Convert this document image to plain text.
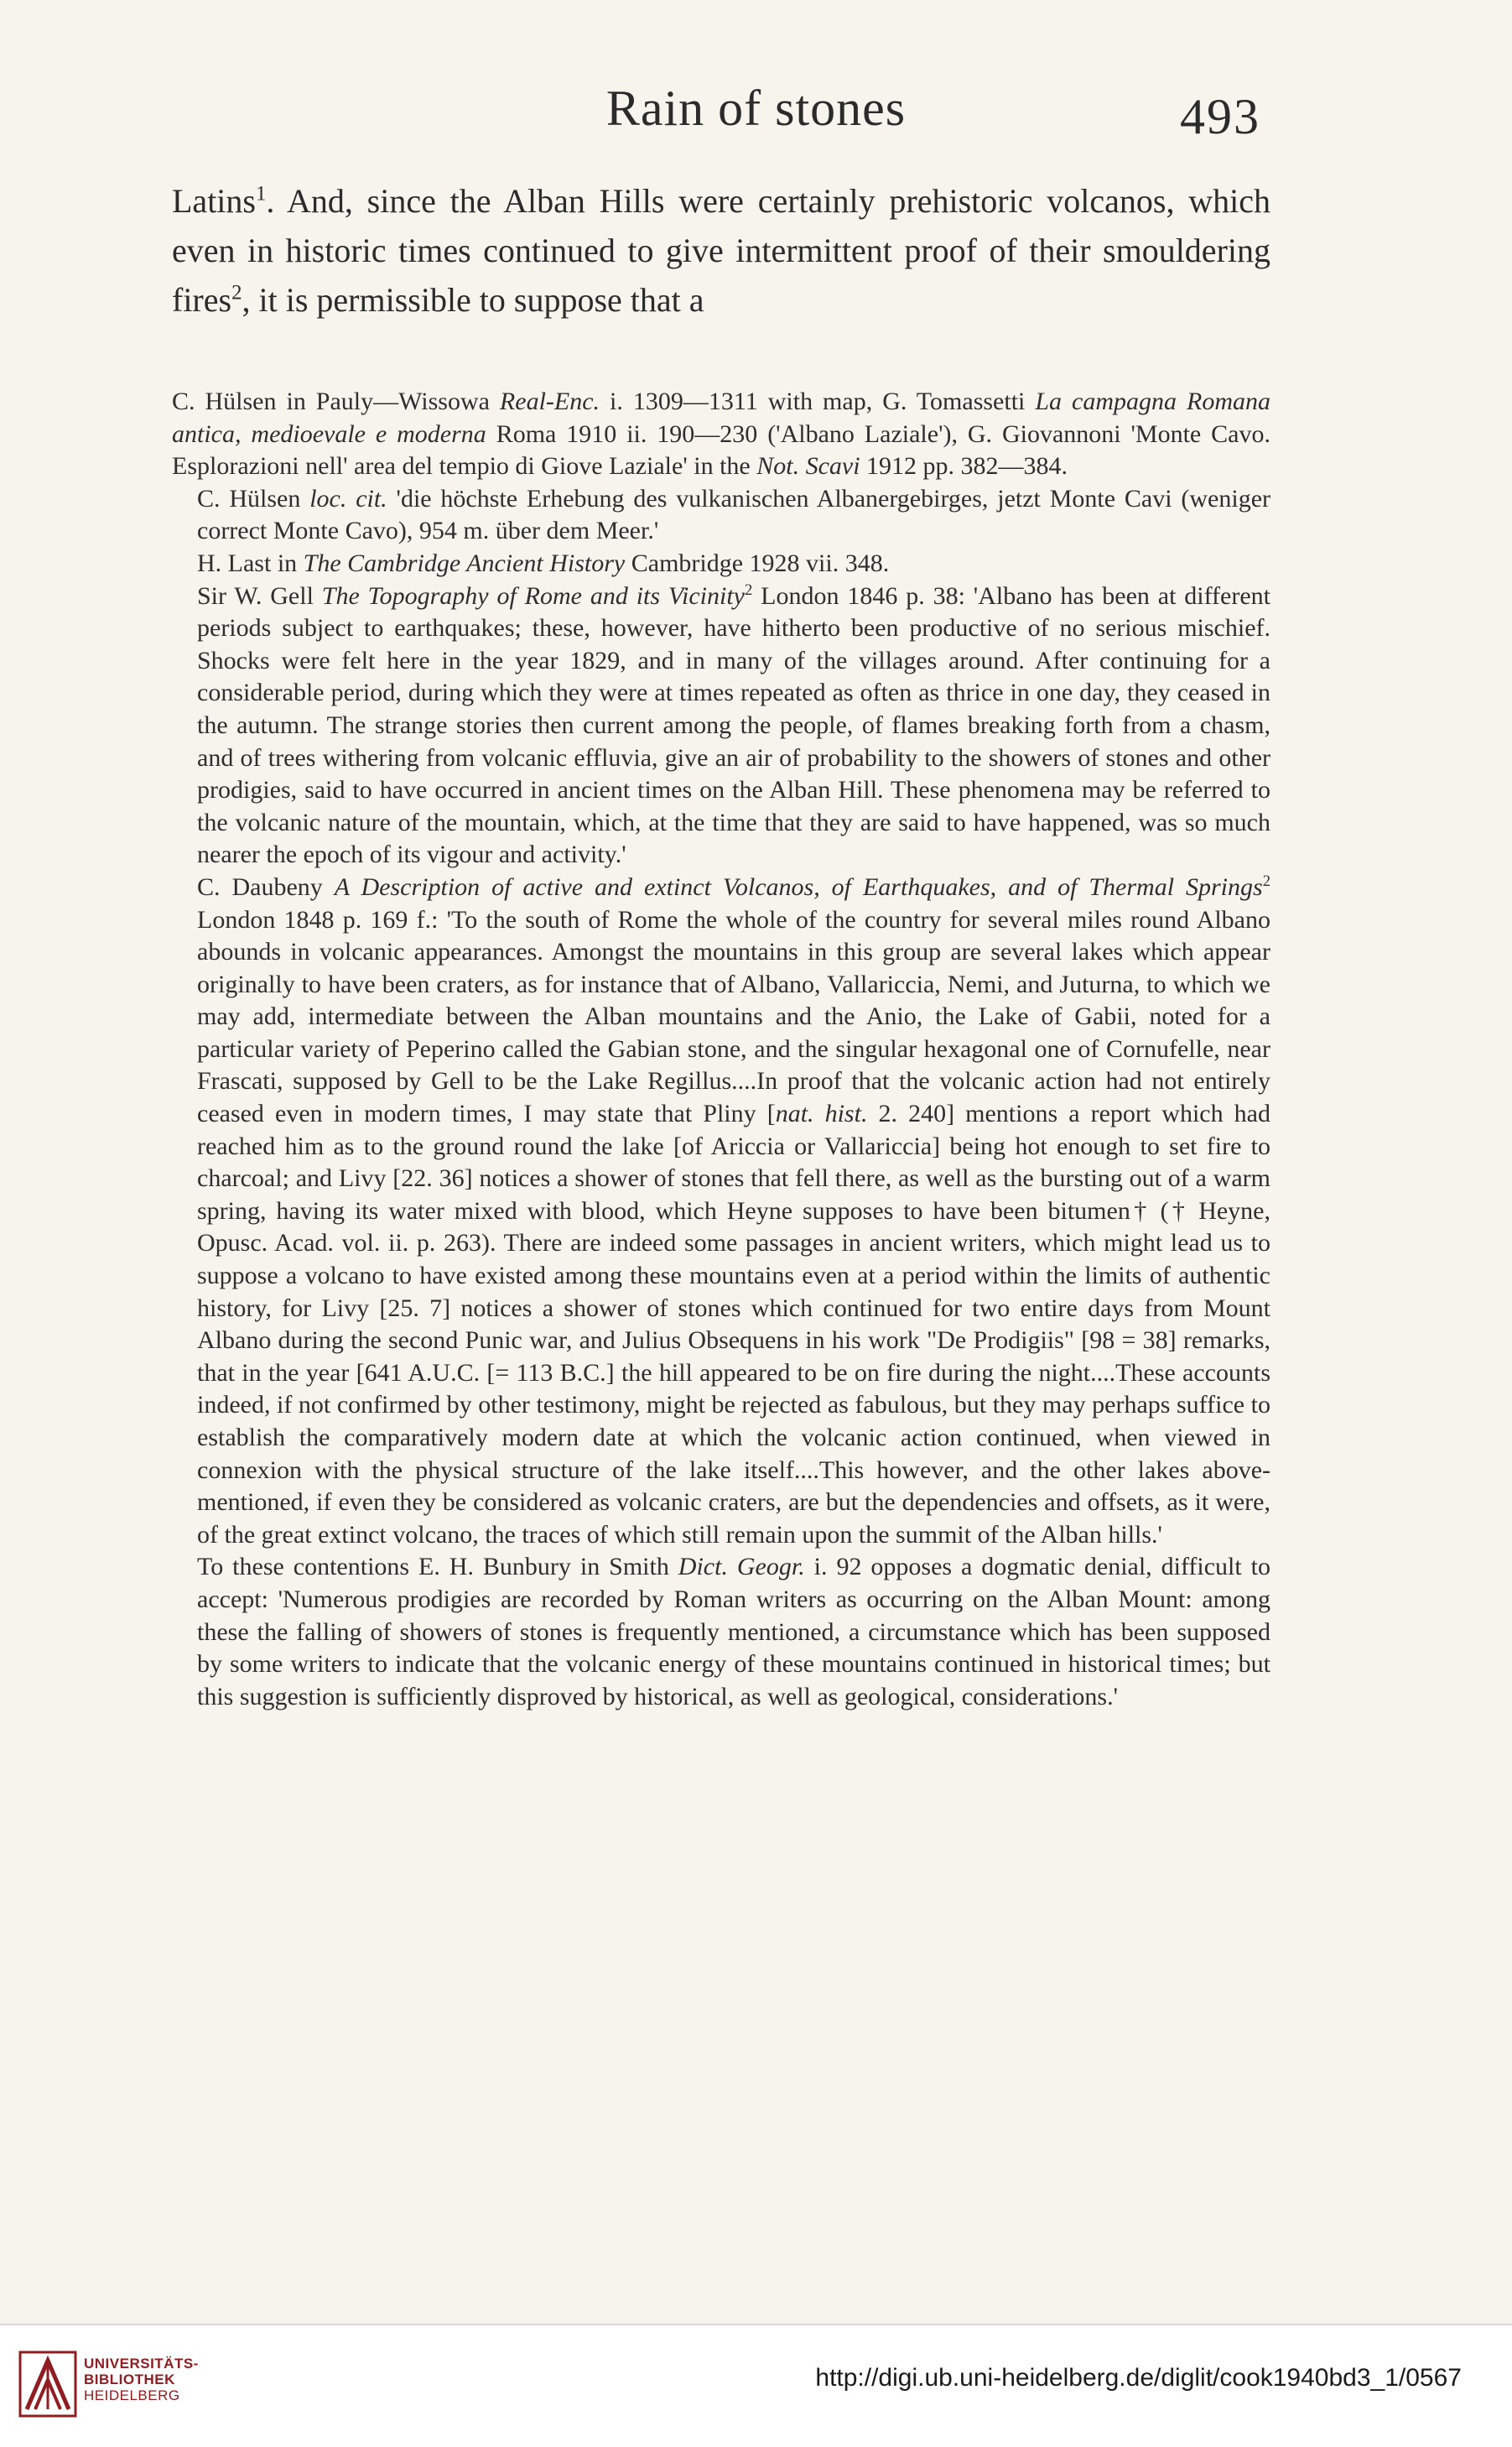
Rain of stones	493

Latins$^1$. And, since the Alban Hills were certainly prehistoric volcanos, which even in historic times continued to give intermittent proof of their smouldering fires$^2$, it is permissible to suppose that a

C. Hülsen in Pauly—Wissowa Real-Enc. i. 1309—1311 with map, G. Tomassetti La campagna Romana antica, medioevale e moderna Roma 1910 ii. 190—230 ('Albano Laziale'), G. Giovannoni 'Monte Cavo. Esplorazioni nell' area del tempio di Giove Laziale' in the Not. Scavi 1912 pp. 382—384.

C. Hülsen loc. cit. 'die höchste Erhebung des vulkanischen Albanergebirges, jetzt Monte Cavi (weniger correct Monte Cavo), 954 m. über dem Meer.'

H. Last in The Cambridge Ancient History Cambridge 1928 vii. 348.

Sir W. Gell The Topography of Rome and its Vicinity$^2$ London 1846 p. 38: 'Albano has been at different periods subject to earthquakes; these, however, have hitherto been productive of no serious mischief. Shocks were felt here in the year 1829, and in many of the villages around. After continuing for a considerable period, during which they were at times repeated as often as thrice in one day, they ceased in the autumn. The strange stories then current among the people, of flames breaking forth from a chasm, and of trees withering from volcanic effluvia, give an air of probability to the showers of stones and other prodigies, said to have occurred in ancient times on the Alban Hill. These phenomena may be referred to the volcanic nature of the mountain, which, at the time that they are said to have happened, was so much nearer the epoch of its vigour and activity.'

C. Daubeny A Description of active and extinct Volcanos, of Earthquakes, and of Thermal Springs$^2$ London 1848 p. 169 f.: 'To the south of Rome the whole of the country for several miles round Albano abounds in volcanic appearances. Amongst the mountains in this group are several lakes which appear originally to have been craters, as for instance that of Albano, Vallariccia, Nemi, and Juturna, to which we may add, intermediate between the Alban mountains and the Anio, the Lake of Gabii, noted for a particular variety of Peperino called the Gabian stone, and the singular hexagonal one of Cornufelle, near Frascati, supposed by Gell to be the Lake Regillus....In proof that the volcanic action had not entirely ceased even in modern times, I may state that Pliny [nat. hist. 2. 240] mentions a report which had reached him as to the ground round the lake [of Ariccia or Vallariccia] being hot enough to set fire to charcoal; and Livy [22. 36] notices a shower of stones that fell there, as well as the bursting out of a warm spring, having its water mixed with blood, which Heyne supposes to have been bitumen† († Heyne, Opusc. Acad. vol. ii. p. 263). There are indeed some passages in ancient writers, which might lead us to suppose a volcano to have existed among these mountains even at a period within the limits of authentic history, for Livy [25. 7] notices a shower of stones which continued for two entire days from Mount Albano during the second Punic war, and Julius Obsequens in his work "De Prodigiis" [98 = 38] remarks, that in the year [641 A.U.C. [= 113 B.C.] the hill appeared to be on fire during the night....These accounts indeed, if not confirmed by other testimony, might be rejected as fabulous, but they may perhaps suffice to establish the comparatively modern date at which the volcanic action continued, when viewed in connexion with the physical structure of the lake itself....This however, and the other lakes above-mentioned, if even they be considered as volcanic craters, are but the dependencies and offsets, as it were, of the great extinct volcano, the traces of which still remain upon the summit of the Alban hills.'

To these contentions E. H. Bunbury in Smith Dict. Geogr. i. 92 opposes a dogmatic denial, difficult to accept: 'Numerous prodigies are recorded by Roman writers as occurring on the Alban Mount: among these the falling of showers of stones is frequently mentioned, a circumstance which has been supposed by some writers to indicate that the volcanic energy of these mountains continued in historical times; but this suggestion is sufficiently disproved by historical, as well as geological, considerations.'

UNIVERSITÄTS-
BIBLIOTHEK
HEIDELBERG
http://digi.ub.uni-heidelberg.de/diglit/cook1940bd3_1/0567
